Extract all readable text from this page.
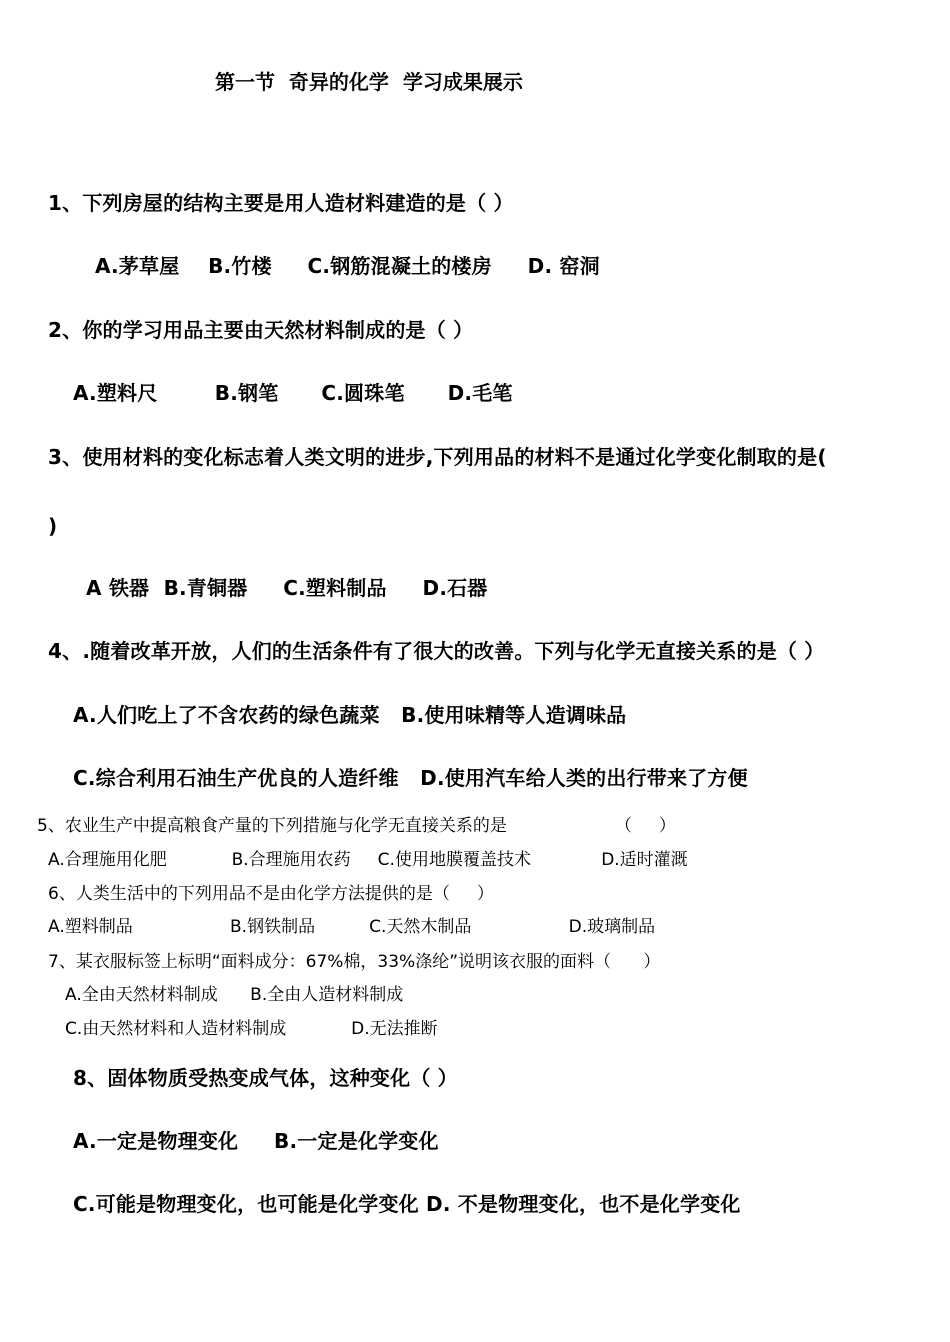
第一节  奇异的化学  学习成果展示
1、下列房屋的结构主要是用人造材料建造的是（ ）
A.茅草屋    B.竹楼     C.钢筋混凝土的楼房     D. 窑洞
2、你的学习用品主要由天然材料制成的是（ ）
A.塑料尺        B.钢笔      C.圆珠笔      D.毛笔
3、使用材料的变化标志着人类文明的进步,下列用品的材料不是通过化学变化制取的是(
)
A 铁器  B.青铜器     C.塑料制品     D.石器
4、.随着改革开放，人们的生活条件有了很大的改善。下列与化学无直接关系的是（ ）
A.人们吃上了不含农药的绿色蔬菜   B.使用味精等人造调味品
C.综合利用石油生产优良的人造纤维   D.使用汽车给人类的出行带来了方便
5、农业生产中提高粮食产量的下列措施与化学无直接关系的是                    （     ）
A.合理施用化肥            B.合理施用农药     C.使用地膜覆盖技术             D.适时灌溉
6、人类生活中的下列用品不是由化学方法提供的是（     ）
A.塑料制品                  B.钢铁制品          C.天然木制品                  D.玻璃制品
7、某衣服标签上标明“面料成分：67%棉，33%涤纶”说明该衣服的面料（      ）
A.全由天然材料制成      B.全由人造材料制成
C.由天然材料和人造材料制成            D.无法推断
8、固体物质受热变成气体，这种变化（ ）
A.一定是物理变化     B.一定是化学变化
C.可能是物理变化，也可能是化学变化 D. 不是物理变化，也不是化学变化
